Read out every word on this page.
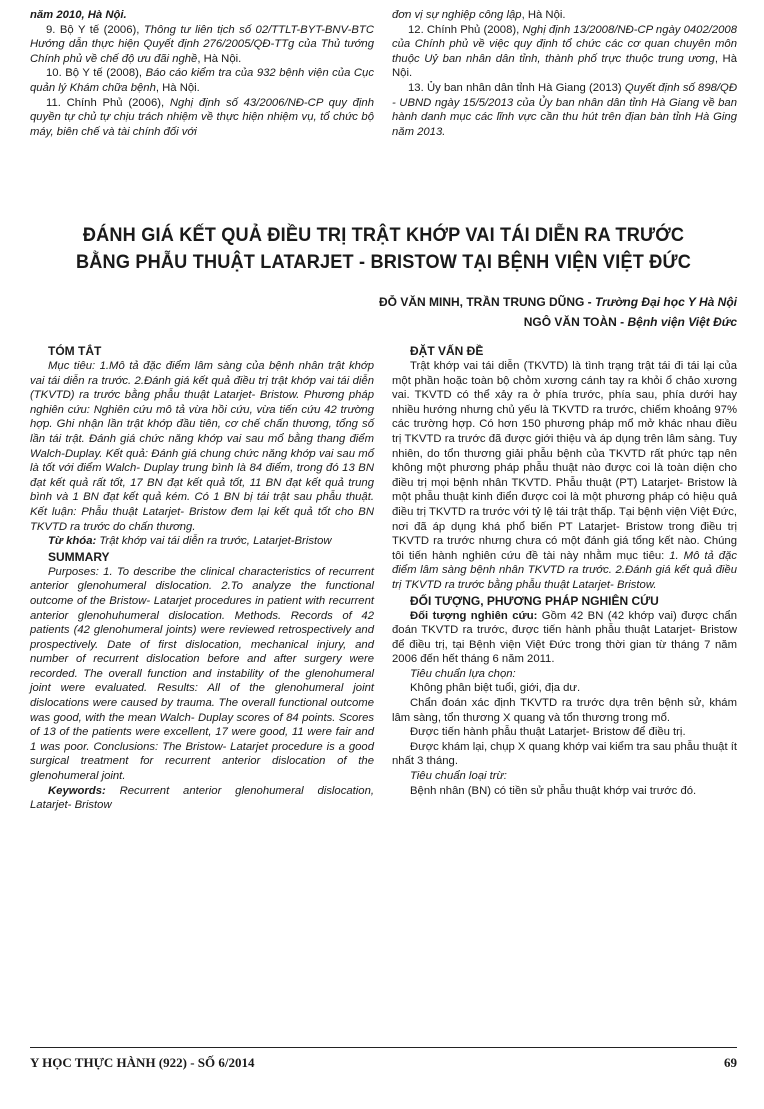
năm 2010, Hà Nội.

9. Bộ Y tế (2006), Thông tư liên tịch số 02/TTLT-BYT-BNV-BTC Hướng dẫn thực hiện Quyết định 276/2005/QĐ-TTg của Thủ tướng Chính phủ về chế độ ưu đãi nghề, Hà Nội.

10. Bộ Y tế (2008), Báo cáo kiểm tra của 932 bệnh viện của Cục quản lý Khám chữa bệnh, Hà Nội.

11. Chính Phủ (2006), Nghị định số 43/2006/NĐ-CP quy định quyền tự chủ tự chịu trách nhiệm về thực hiện nhiệm vụ, tổ chức bộ máy, biên chế và tài chính đối với

đơn vị sự nghiệp công lập, Hà Nội.

12. Chính Phủ (2008), Nghị định 13/2008/NĐ-CP ngày 0402/2008 của Chính phủ về việc quy định tổ chức các cơ quan chuyên môn thuộc Uỷ ban nhân dân tỉnh, thành phố trực thuộc trung ương, Hà Nội.

13. Ủy ban nhân dân tỉnh Hà Giang (2013) Quyết định số 898/QĐ - UBND ngày 15/5/2013 của Ủy ban nhân dân tỉnh Hà Giang về ban hành danh mục các lĩnh vực cần thu hút trên địan bàn tỉnh Hà Ging năm 2013.

ĐÁNH GIÁ KẾT QUẢ ĐIỀU TRỊ TRẬT KHỚP VAI TÁI DIỄN RA TRƯỚC
BẰNG PHẪU THUẬT LATARJET - BRISTOW TẠI BỆNH VIỆN VIỆT ĐỨC
ĐỖ VĂN MINH, TRẦN TRUNG DŨNG - Trường Đại học Y Hà Nội
NGÔ VĂN TOÀN - Bệnh viện Việt Đức

TÓM TẮT

Mục tiêu: 1.Mô tả đặc điểm lâm sàng của bệnh nhân trật khớp vai tái diễn ra trước. 2.Đánh giá kết quả điều trị trật khớp vai tái diễn (TKVTD) ra trước bằng phẫu thuật Latarjet- Bristow. Phương pháp nghiên cứu: Nghiên cứu mô tả vừa hồi cứu, vừa tiến cứu 42 trường hợp. Ghi nhận lần trật khớp đầu tiên, cơ chế chấn thương, tổng số lần tái trật. Đánh giá chức năng khớp vai sau mổ bằng thang điểm Walch-Duplay. Kết quả: Đánh giá chung chức năng khớp vai sau mổ là tốt với điểm Walch- Duplay trung bình là 84 điểm, trong đó 13 BN đạt kết quả rất tốt, 17 BN đạt kết quả tốt, 11 BN đạt kết quả trung bình và 1 BN đạt kết quả kém. Có 1 BN bị tái trật sau phẫu thuật. Kết luận: Phẫu thuật Latarjet- Bristow đem lại kết quả tốt cho BN TKVTD ra trước do chấn thương.

Từ khóa: Trật khớp vai tái diễn ra trước, Latarjet-Bristow

SUMMARY

Purposes: 1. To describe the clinical characteristics of recurrent anterior glenohumeral dislocation. 2.To analyze the functional outcome of the Bristow- Latarjet procedures in patient with recurrent anterior glenohuhumeral dislocation. Methods. Records of 42 patients (42 glenohumeral joints) were reviewed retrospectively and prospectively. Date of first dislocation, mechanical injury, and number of recurrent dislocation before and after surgery were recorded. The overall function and instability of the glenohumeral joint were evaluated. Results: All of the glenohumeral joint dislocations were caused by trauma. The overall functional outcome was good, with the mean Walch- Duplay scores of 84 points. Scores of 13 of the patients were excellent, 17 were good, 11 were fair and 1 was poor. Conclusions: The Bristow- Latarjet procedure is a good surgical treatment for recurrent anterior dislocation of the glenohumeral joint.

Keywords: Recurrent anterior glenohumeral dislocation, Latarjet- Bristow

ĐẶT VẤN ĐỀ

Trật khớp vai tái diễn (TKVTD) là tình trạng trật tái đi tái lại của một phần hoặc toàn bộ chỏm xương cánh tay ra khỏi ổ chảo xương vai. TKVTD có thể xảy ra ở phía trước, phía sau, phía dưới hay nhiều hướng nhưng chủ yếu là TKVTD ra trước, chiếm khoảng 97% các trường hợp. Có hơn 150 phương pháp mổ mở khác nhau điều trị TKVTD ra trước đã được giới thiệu và áp dụng trên lâm sàng. Tuy nhiên, do tổn thương giải phẫu bệnh của TKVTD rất phức tạp nên không một phương pháp phẫu thuật nào được coi là toàn diện cho điều trị mọi bệnh nhân TKVTD. Phẫu thuật (PT) Latarjet- Bristow là một phẫu thuật kinh điển được coi là một phương pháp có hiệu quả điều trị TKVTD ra trước với tỷ lệ tái trật thấp. Tại bệnh viện Việt Đức, nơi đã áp dụng khá phổ biến PT Latarjet- Bristow trong điều trị TKVTD ra trước nhưng chưa có một đánh giá tổng kết nào. Chúng tôi tiến hành nghiên cứu đề tài này nhằm mục tiêu: 1. Mô tả đặc điểm lâm sàng bệnh nhân TKVTD ra trước. 2.Đánh giá kết quả điều trị TKVTD ra trước bằng phẫu thuật Latarjet- Bristow.

ĐỐI TƯỢNG, PHƯƠNG PHÁP NGHIÊN CỨU

Đối tượng nghiên cứu: Gồm 42 BN (42 khớp vai) được chẩn đoán TKVTD ra trước, được tiến hành phẫu thuật Latarjet- Bristow để điều trị, tại Bệnh viện Việt Đức trong thời gian từ tháng 7 năm 2006 đến hết tháng 6 năm 2011.

Tiêu chuẩn lựa chọn:

Không phân biệt tuổi, giới, địa dư.

Chẩn đoán xác định TKVTD ra trước dựa trên bệnh sử, khám lâm sàng, tổn thương X quang và tổn thương trong mổ.

Được tiến hành phẫu thuật Latarjet- Bristow để điều trị.

Được khám lại, chụp X quang khớp vai kiểm tra sau phẫu thuật ít nhất 3 tháng.

Tiêu chuẩn loại trừ:

Bệnh nhân (BN) có tiền sử phẫu thuật khớp vai trước đó.

Y HỌC THỰC HÀNH (922) - SỐ 6/2014	69
